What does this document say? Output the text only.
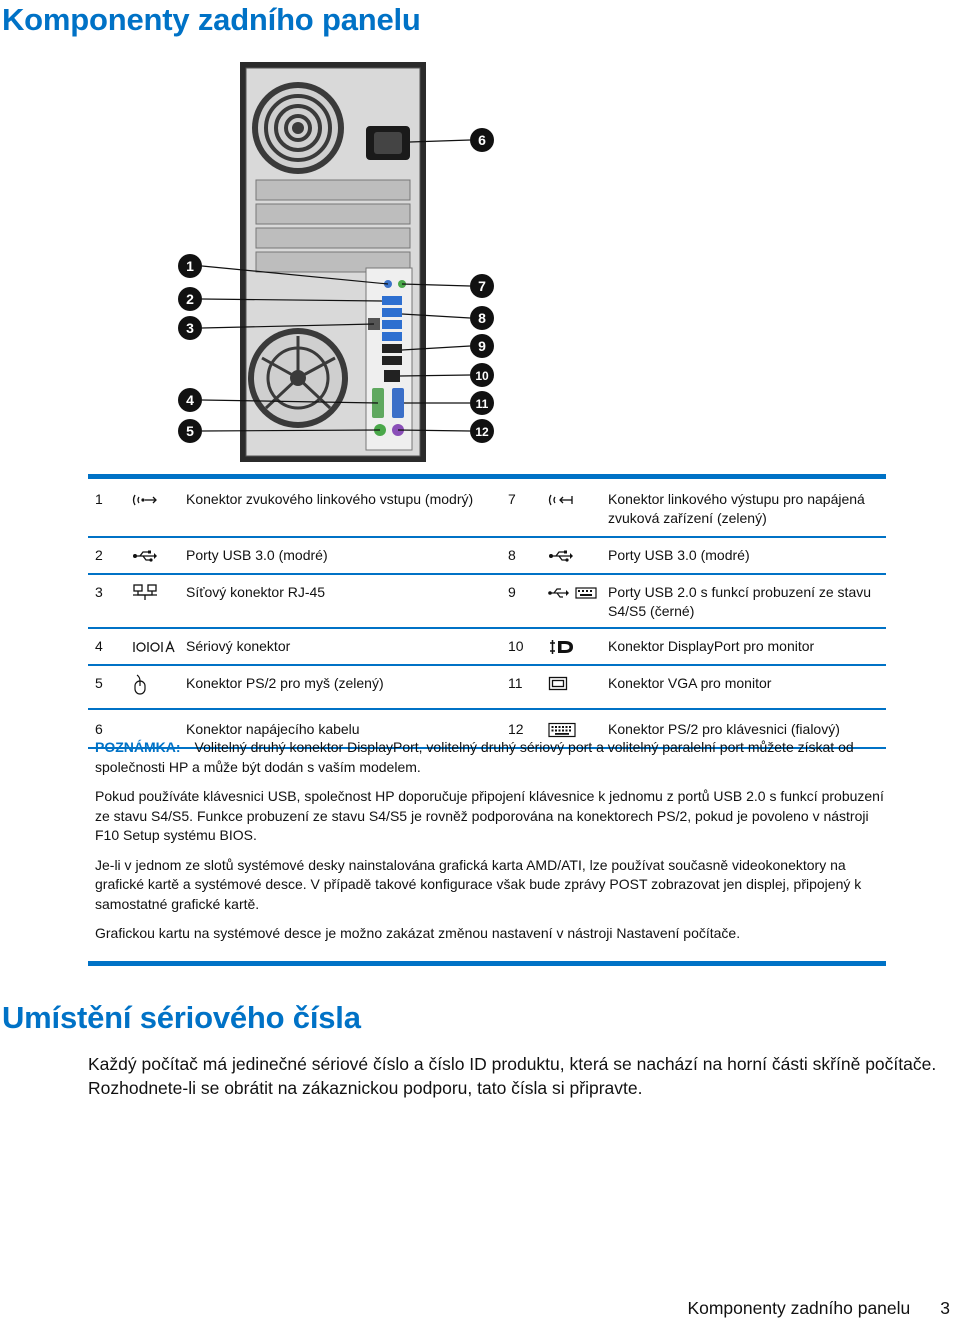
Komponenty zadního panelu
1
2
3
4
5
6
7
8
9
10
11
12
1	Konektor zvukového linkového vstupu (modrý)	7	Konektor linkového výstupu pro napájená zvuková zařízení (zelený)
2	Porty USB 3.0 (modré)	8	Porty USB 3.0 (modré)
3	Síťový konektor RJ-45	9	Porty USB 2.0 s funkcí probuzení ze stavu S4/S5 (černé)
4	Sériový konektor	10	Konektor DisplayPort pro monitor
5	Konektor PS/2 pro myš (zelený)	11	Konektor VGA pro monitor
6	Konektor napájecího kabelu	12	Konektor PS/2 pro klávesnici (fialový)

POZNÁMKA: Volitelný druhý konektor DisplayPort, volitelný druhý sériový port a volitelný paralelní port můžete získat od společnosti HP a může být dodán s vaším modelem.

Pokud používáte klávesnici USB, společnost HP doporučuje připojení klávesnice k jednomu z portů USB 2.0 s funkcí probuzení ze stavu S4/S5. Funkce probuzení ze stavu S4/S5 je rovněž podporována na konektorech PS/2, pokud je povoleno v nástroji F10 Setup systému BIOS.

Je-li v jednom ze slotů systémové desky nainstalována grafická karta AMD/ATI, lze používat současně videokonektory na grafické kartě a systémové desce. V případě takové konfigurace však bude zprávy POST zobrazovat jen displej, připojený k samostatné grafické kartě.

Grafickou kartu na systémové desce je možno zakázat změnou nastavení v nástroji Nastavení počítače.

Umístění sériového čísla
Každý počítač má jedinečné sériové číslo a číslo ID produktu, která se nachází na horní části skříně počítače. Rozhodnete-li se obrátit na zákaznickou podporu, tato čísla si připravte.
Komponenty zadního panelu 3
